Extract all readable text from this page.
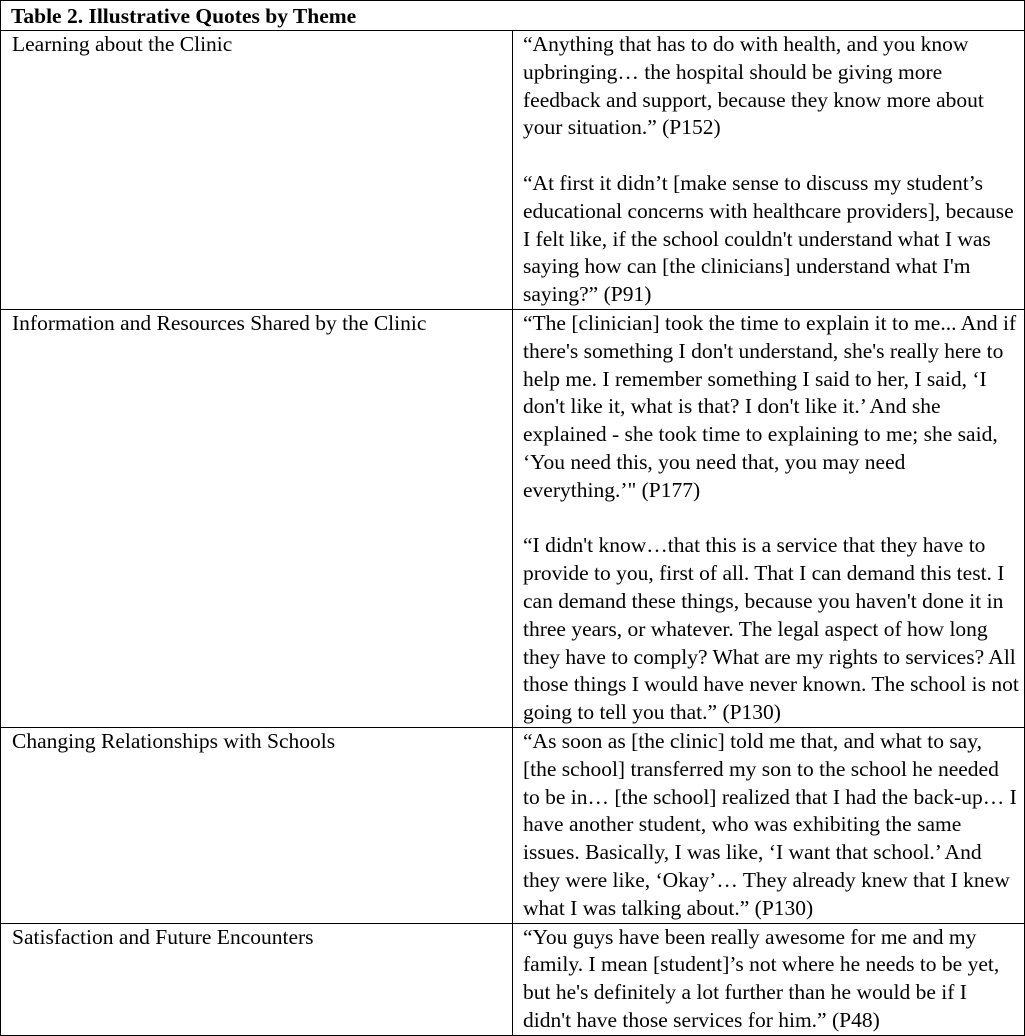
Table 2. Illustrative Quotes by Theme	
Learning about the Clinic	“Anything that has to do with health, and you know upbringing… the hospital should be giving more feedback and support, because they know more about your situation.” (P152)

“At first it didn’t [make sense to discuss my student’s educational concerns with healthcare providers], because I felt like, if the school couldn't understand what I was saying how can [the clinicians] understand what I'm saying?” (P91)

Information and Resources Shared by the Clinic	“The [clinician] took the time to explain it to me... And if there's something I don't understand, she's really here to help me. I remember something I said to her, I said, ‘I don't like it, what is that? I don't like it.’ And she explained - she took time to explaining to me; she said, ‘You need this, you need that, you may need everything.’" (P177)

“I didn't know…that this is a service that they have to provide to you, first of all. That I can demand this test. I can demand these things, because you haven't done it in three years, or whatever. The legal aspect of how long they have to comply? What are my rights to services? All those things I would have never known. The school is not going to tell you that.” (P130)

Changing Relationships with Schools	“As soon as [the clinic] told me that, and what to say, [the school] transferred my son to the school he needed to be in… [the school] realized that I had the back-up… I have another student, who was exhibiting the same issues. Basically, I was like, ‘I want that school.’ And they were like, ‘Okay’… They already knew that I knew what I was talking about.” (P130)

Satisfaction and Future Encounters	“You guys have been really awesome for me and my family. I mean [student]’s not where he needs to be yet, but he's definitely a lot further than he would be if I didn't have those services for him.” (P48)
